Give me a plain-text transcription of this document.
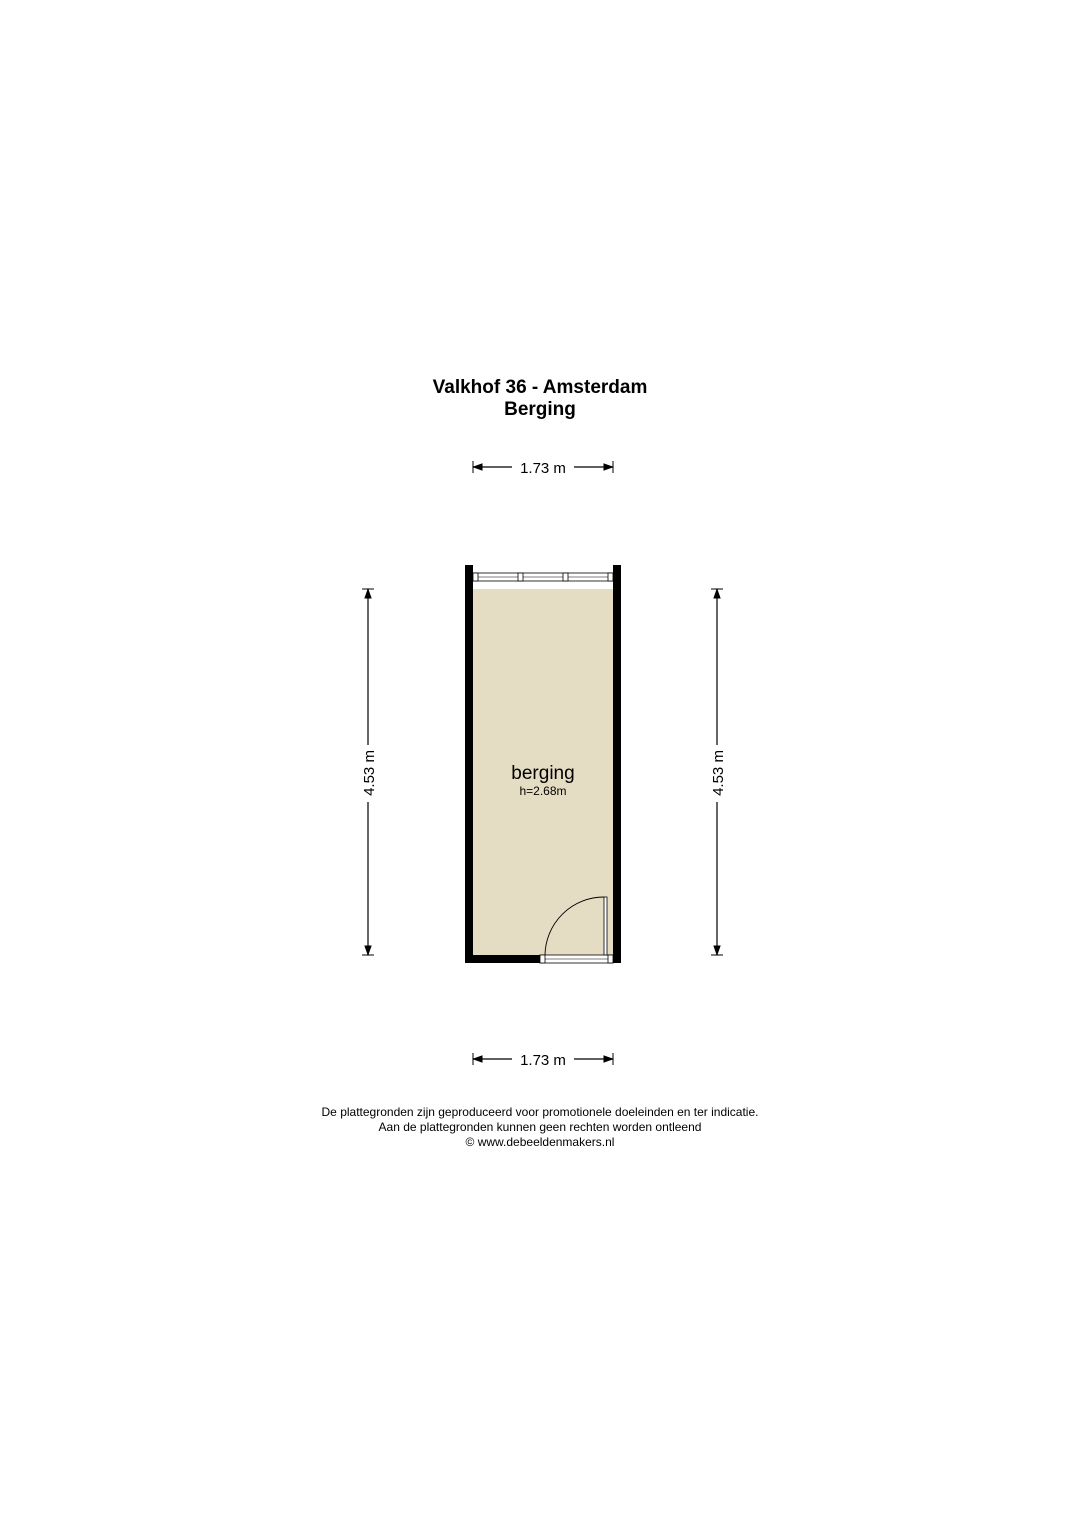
Valkhof 36 - Amsterdam
Berging
1.73 m
1.73 m
4.53 m	4.53 m
berging
h=2.68m
De plattegronden zijn geproduceerd voor promotionele doeleinden en ter indicatie.
Aan de plattegronden kunnen geen rechten worden ontleend
© www.debeeldenmakers.nl
